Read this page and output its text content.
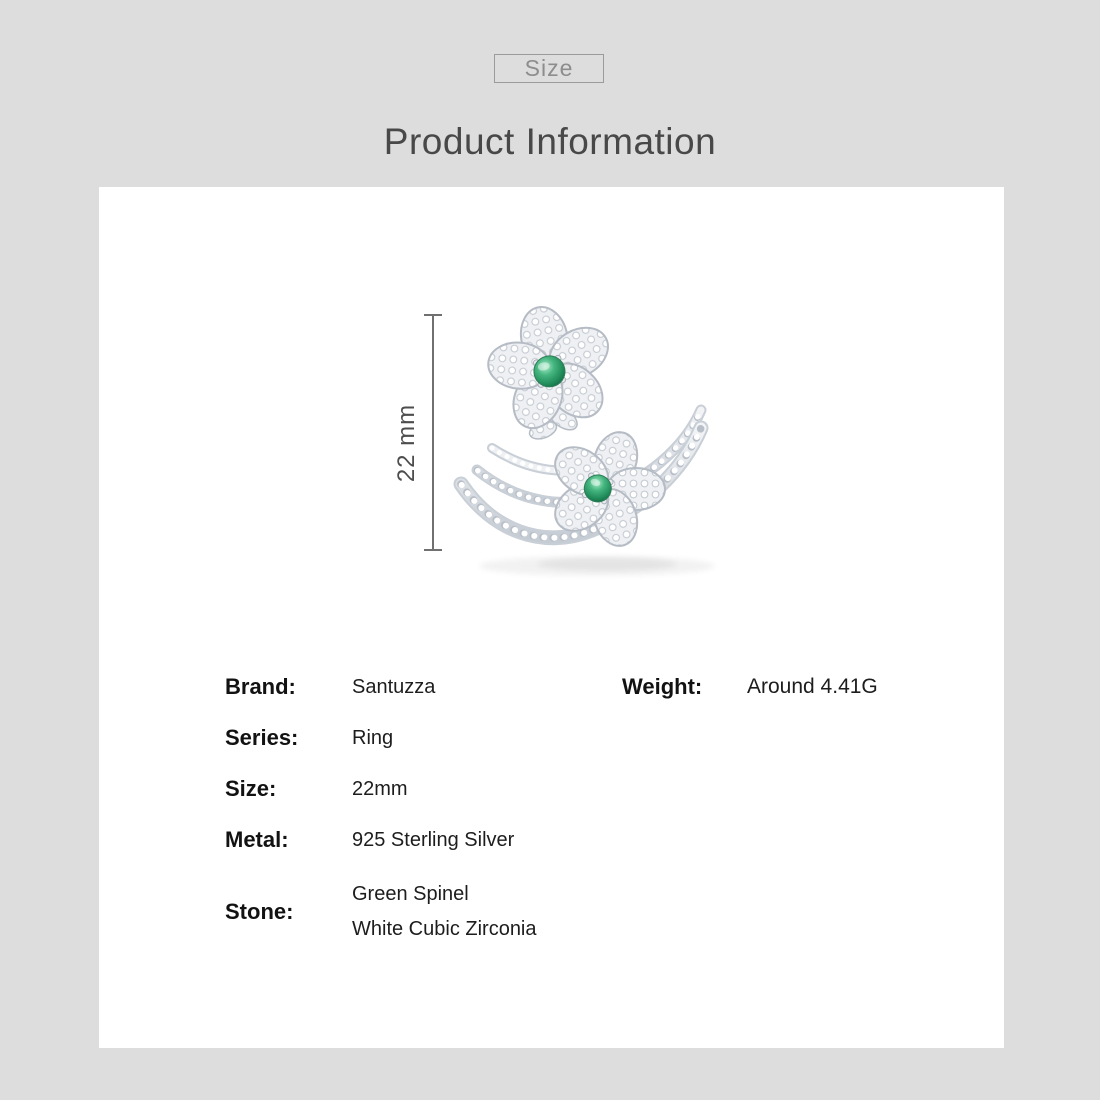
Size
Product Information
22 mm
Brand:	Santuzza
Series:	Ring
Size:	22mm
Metal:	925 Sterling Silver
Stone:
Green Spinel
White Cubic Zirconia
Weight:	Around 4.41G
